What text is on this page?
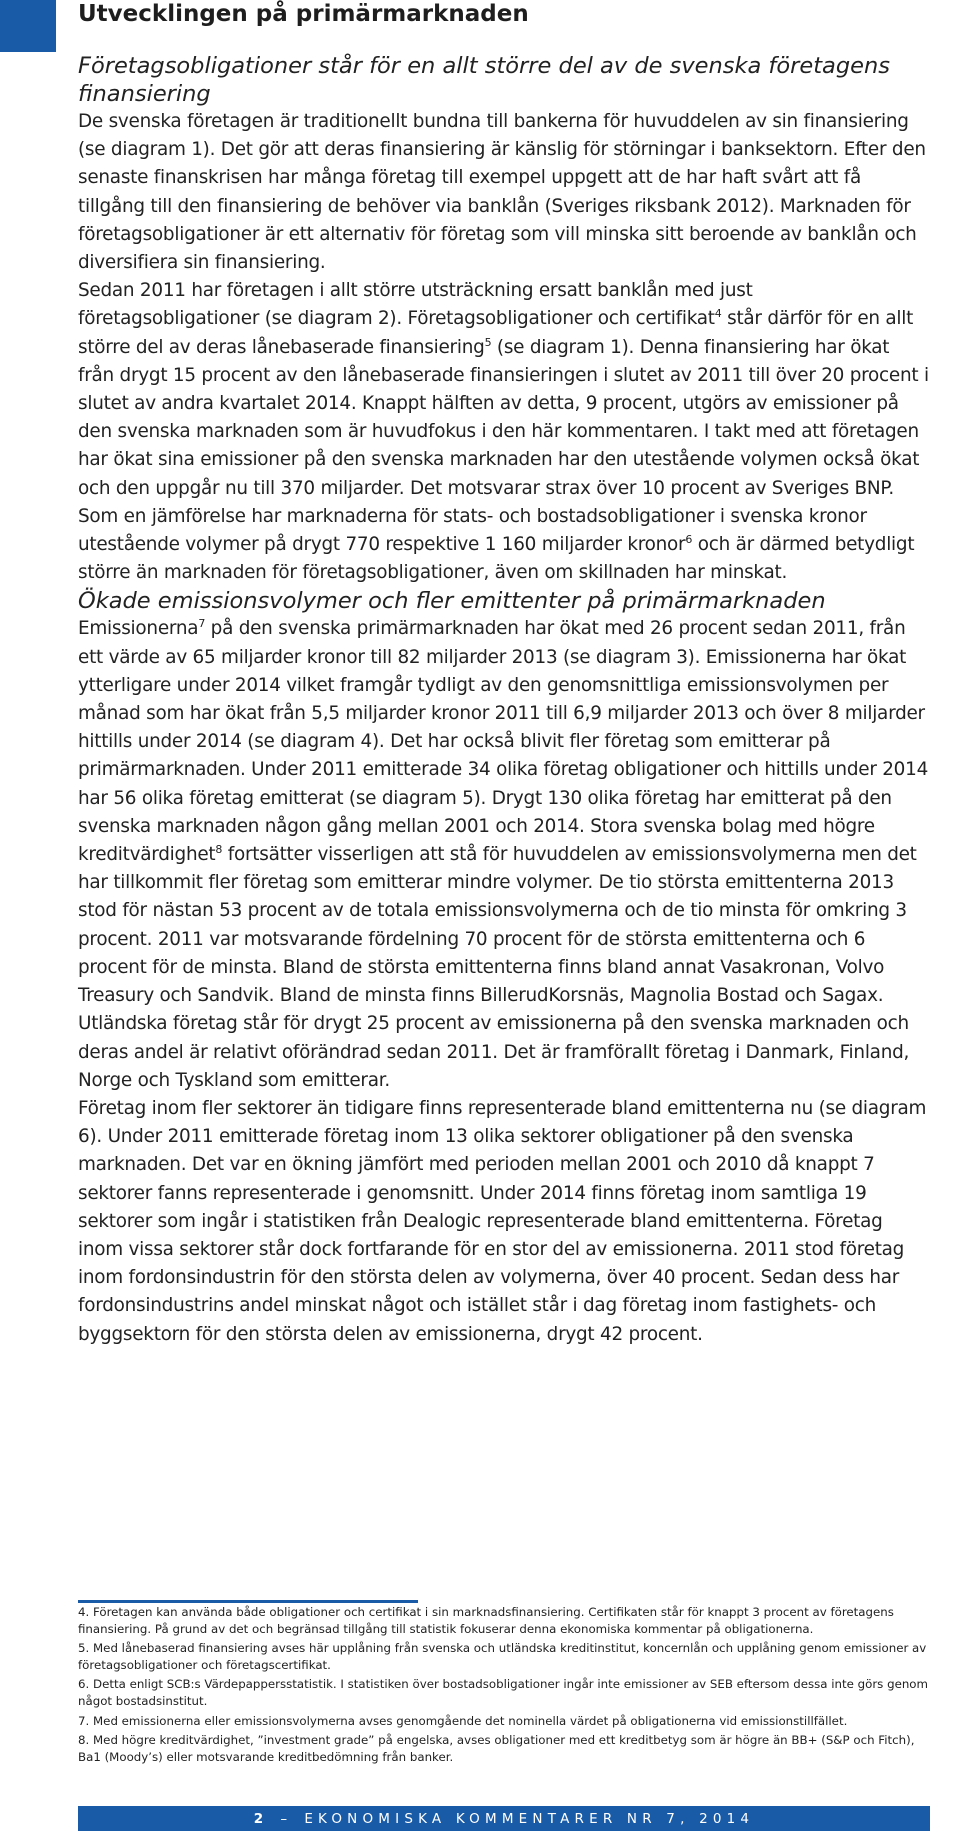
Utvecklingen på primärmarknaden
Företagsobligationer står för en allt större del av de svenska företagens finansiering

De svenska företagen är traditionellt bundna till bankerna för huvuddelen av sin finansiering (se diagram 1). Det gör att deras finansiering är känslig för störningar i banksektorn. Efter den senaste finanskrisen har många företag till exempel uppgett att de har haft svårt att få tillgång till den finansiering de behöver via banklån (Sveriges riksbank 2012). Marknaden för företagsobligationer är ett alternativ för företag som vill minska sitt beroende av banklån och diversifiera sin finansiering.

Sedan 2011 har företagen i allt större utsträckning ersatt banklån med just företagsobligationer (se diagram 2). Företagsobligationer och certifikat$^4$ står därför för en allt större del av deras lånebaserade finansiering$^5$ (se diagram 1). Denna finansiering har ökat från drygt 15 procent av den lånebaserade finansieringen i slutet av 2011 till över 20 procent i slutet av andra kvartalet 2014. Knappt hälften av detta, 9 procent, utgörs av emissioner på den svenska marknaden som är huvudfokus i den här kommentaren. I takt med att företagen har ökat sina emissioner på den svenska marknaden har den utestående volymen också ökat och den uppgår nu till 370 miljarder. Det motsvarar strax över 10 procent av Sveriges BNP. Som en jämförelse har marknaderna för stats- och bostadsobligationer i svenska kronor utestående volymer på drygt 770 respektive 1 160 miljarder kronor$^6$ och är därmed betydligt större än marknaden för företagsobligationer, även om skillnaden har minskat.

Ökade emissionsvolymer och fler emittenter på primärmarknaden

Emissionerna$^7$ på den svenska primärmarknaden har ökat med 26 procent sedan 2011, från ett värde av 65 miljarder kronor till 82 miljarder 2013 (se diagram 3). Emissionerna har ökat ytterligare under 2014 vilket framgår tydligt av den genomsnittliga emissionsvolymen per månad som har ökat från 5,5 miljarder kronor 2011 till 6,9 miljarder 2013 och över 8 miljarder hittills under 2014 (se diagram 4). Det har också blivit fler företag som emitterar på primärmarknaden. Under 2011 emitterade 34 olika företag obligationer och hittills under 2014 har 56 olika företag emitterat (se diagram 5). Drygt 130 olika företag har emitterat på den svenska marknaden någon gång mellan 2001 och 2014. Stora svenska bolag med högre kreditvärdighet$^8$ fortsätter visserligen att stå för huvuddelen av emissionsvolymerna men det har tillkommit fler företag som emitterar mindre volymer. De tio största emittenterna 2013 stod för nästan 53 procent av de totala emissionsvolymerna och de tio minsta för omkring 3 procent. 2011 var motsvarande fördelning 70 procent för de största emittenterna och 6 procent för de minsta. Bland de största emittenterna finns bland annat Vasakronan, Volvo Treasury och Sandvik. Bland de minsta finns BillerudKorsnäs, Magnolia Bostad och Sagax. Utländska företag står för drygt 25 procent av emissionerna på den svenska marknaden och deras andel är relativt oförändrad sedan 2011. Det är framförallt företag i Danmark, Finland, Norge och Tyskland som emitterar.

Företag inom fler sektorer än tidigare finns representerade bland emittenterna nu (se diagram 6). Under 2011 emitterade företag inom 13 olika sektorer obligationer på den svenska marknaden. Det var en ökning jämfört med perioden mellan 2001 och 2010 då knappt 7 sektorer fanns representerade i genomsnitt. Under 2014 finns företag inom samtliga 19 sektorer som ingår i statistiken från Dealogic representerade bland emittenterna. Företag inom vissa sektorer står dock fortfarande för en stor del av emissionerna. 2011 stod företag inom fordonsindustrin för den största delen av volymerna, över 40 procent. Sedan dess har fordonsindustrins andel minskat något och istället står i dag företag inom fastighets- och byggsektorn för den största delen av emissionerna, drygt 42 procent.

4. Företagen kan använda både obligationer och certifikat i sin marknadsfinansiering. Certifikaten står för knappt 3 procent av företagens finansiering. På grund av det och begränsad tillgång till statistik fokuserar denna ekonomiska kommentar på obligationerna.

5. Med lånebaserad finansiering avses här upplåning från svenska och utländska kreditinstitut, koncernlån och upplåning genom emissioner av företagsobligationer och företagscertifikat.

6. Detta enligt SCB:s Värdepappersstatistik. I statistiken över bostadsobligationer ingår inte emissioner av SEB eftersom dessa inte görs genom något bostadsinstitut.

7. Med emissionerna eller emissionsvolymerna avses genomgående det nominella värdet på obligationerna vid emissionstillfället.

8. Med högre kreditvärdighet, ”investment grade” på engelska, avses obligationer med ett kreditbetyg som är högre än BB+ (S&P och Fitch), Ba1 (Moody’s) eller motsvarande kreditbedömning från banker.

2 – EKONOMISKA KOMMENTARER NR 7, 2014
